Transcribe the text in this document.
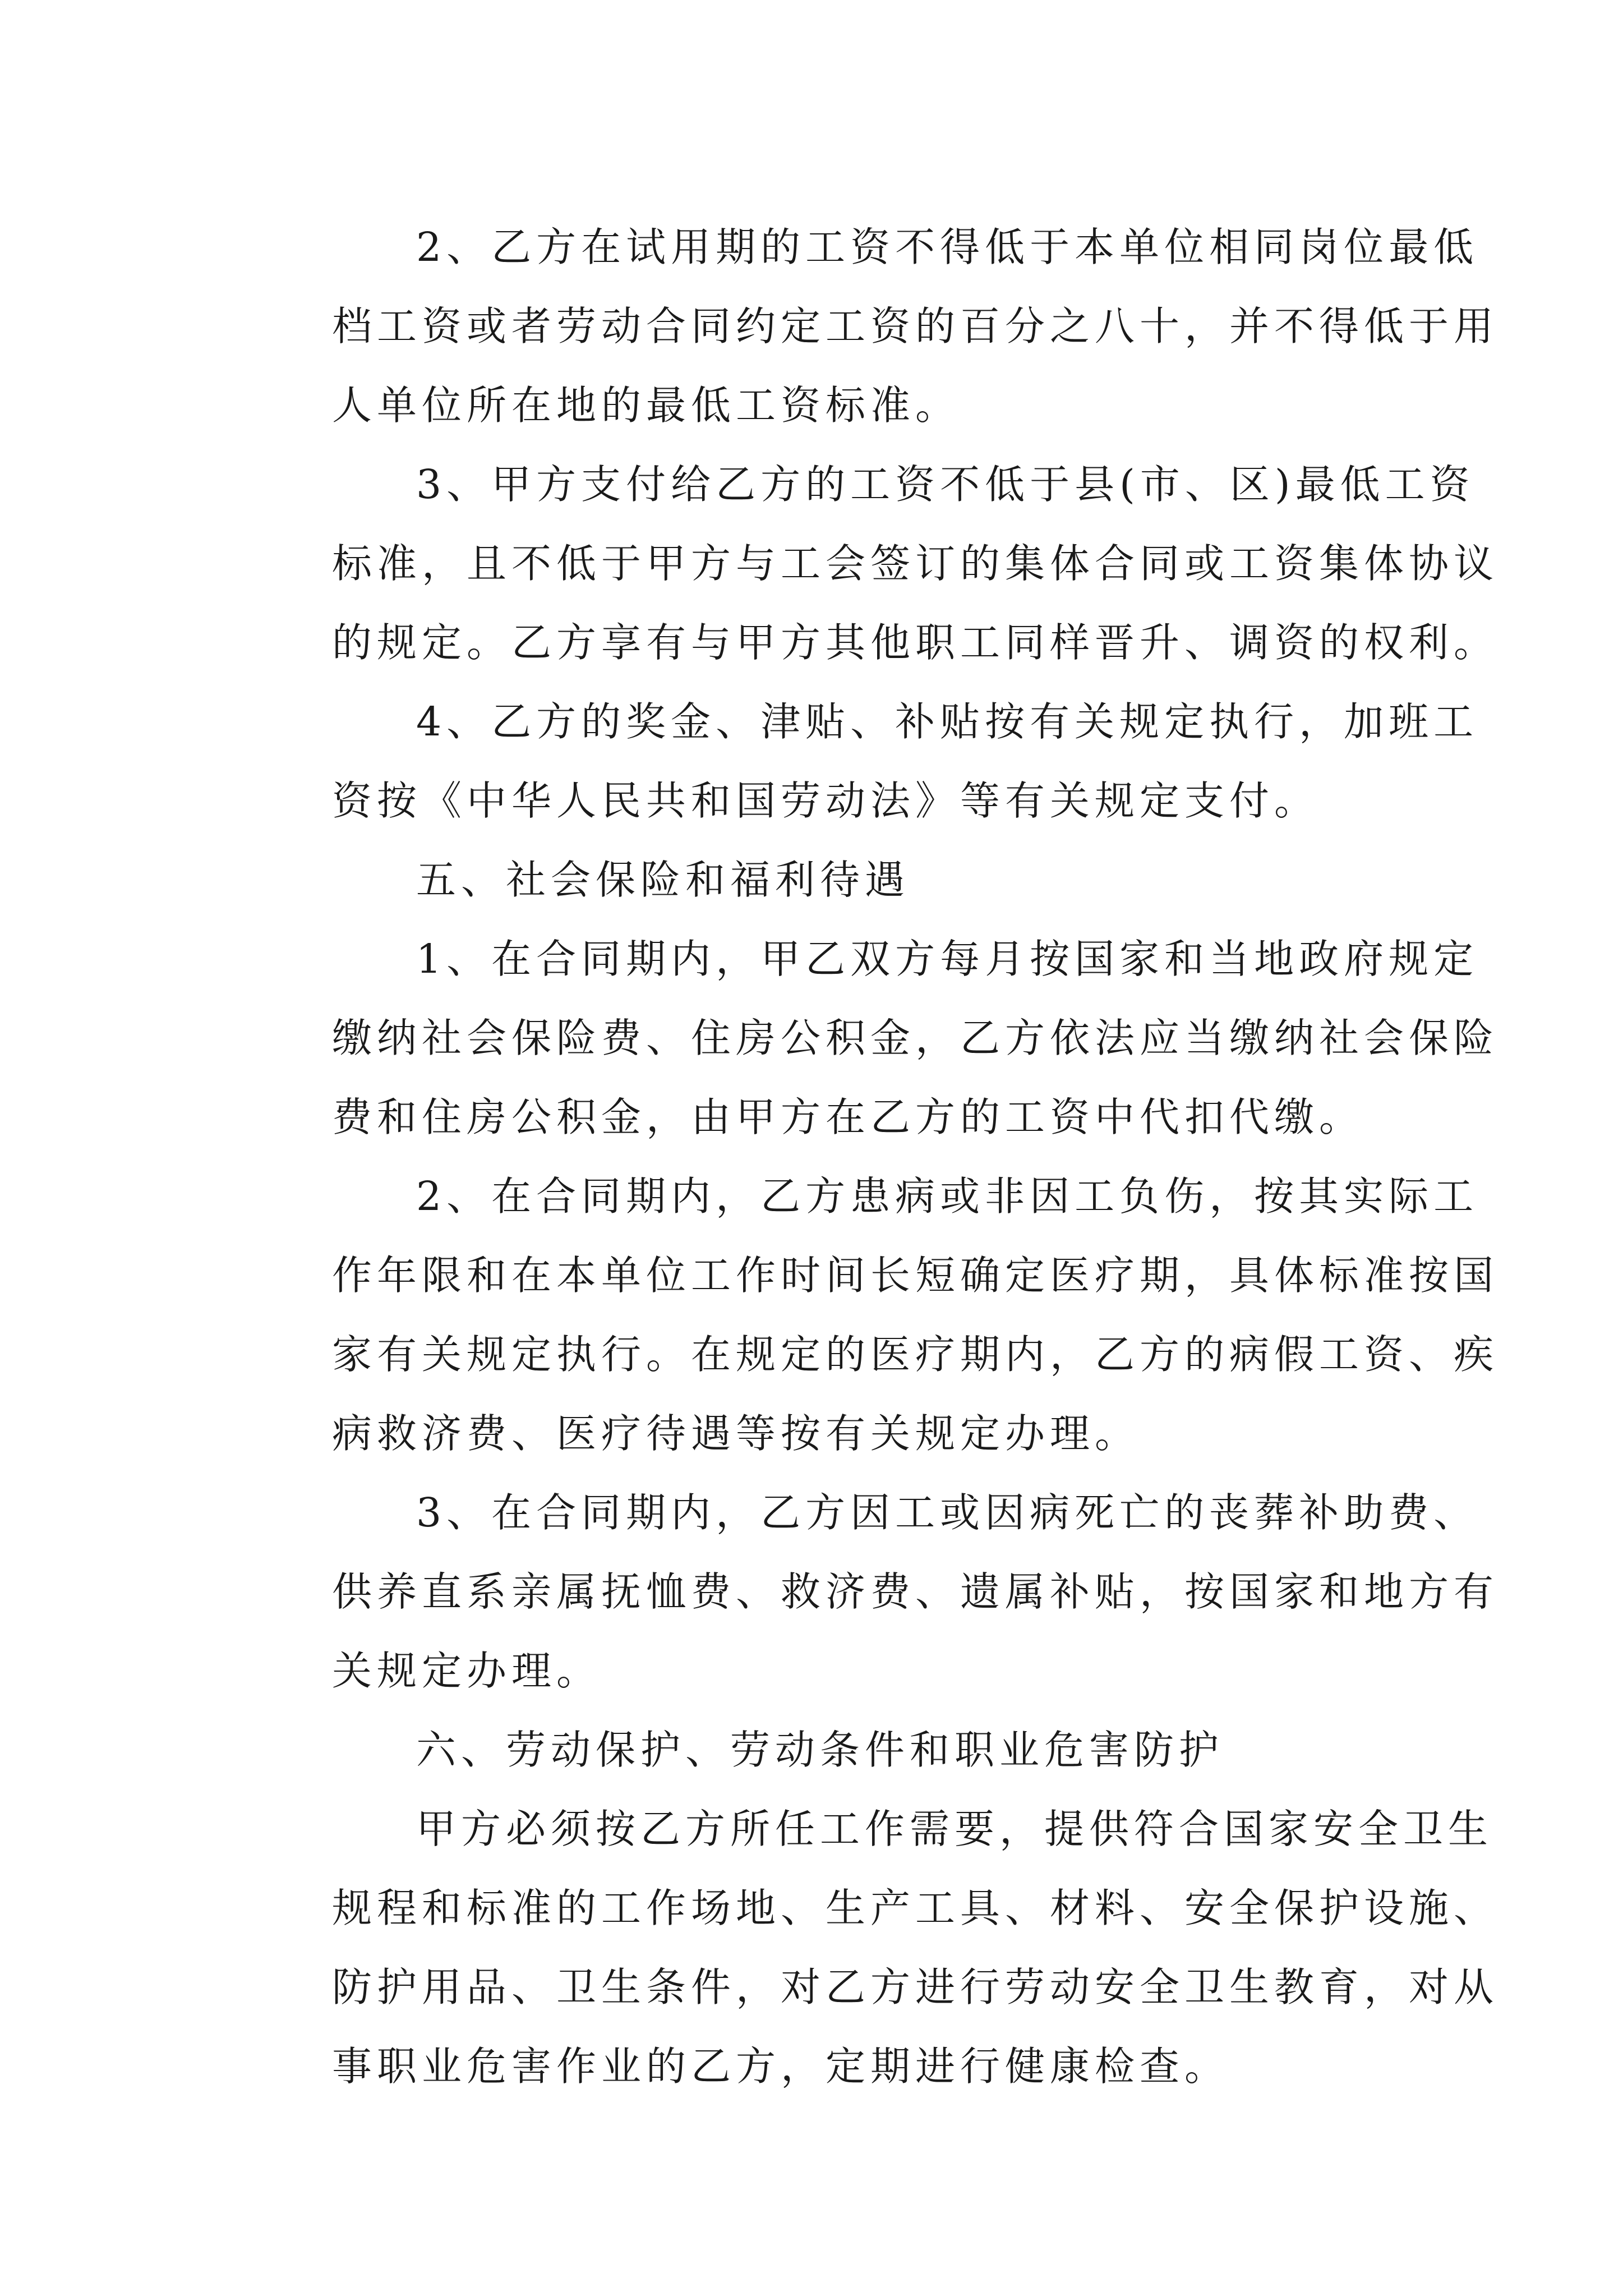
2、乙方在试用期的工资不得低于本单位相同岗位最低
档工资或者劳动合同约定工资的百分之八十，并不得低于用
人单位所在地的最低工资标准。
3、甲方支付给乙方的工资不低于县(市、区)最低工资
标准，且不低于甲方与工会签订的集体合同或工资集体协议
的规定。乙方享有与甲方其他职工同样晋升、调资的权利。
4、乙方的奖金、津贴、补贴按有关规定执行，加班工
资按《中华人民共和国劳动法》等有关规定支付。
五、社会保险和福利待遇
1、在合同期内，甲乙双方每月按国家和当地政府规定
缴纳社会保险费、住房公积金，乙方依法应当缴纳社会保险
费和住房公积金，由甲方在乙方的工资中代扣代缴。
2、在合同期内，乙方患病或非因工负伤，按其实际工
作年限和在本单位工作时间长短确定医疗期，具体标准按国
家有关规定执行。在规定的医疗期内，乙方的病假工资、疾
病救济费、医疗待遇等按有关规定办理。
3、在合同期内，乙方因工或因病死亡的丧葬补助费、
供养直系亲属抚恤费、救济费、遗属补贴，按国家和地方有
关规定办理。
六、劳动保护、劳动条件和职业危害防护
甲方必须按乙方所任工作需要，提供符合国家安全卫生
规程和标准的工作场地、生产工具、材料、安全保护设施、
防护用品、卫生条件，对乙方进行劳动安全卫生教育，对从
事职业危害作业的乙方，定期进行健康检查。
